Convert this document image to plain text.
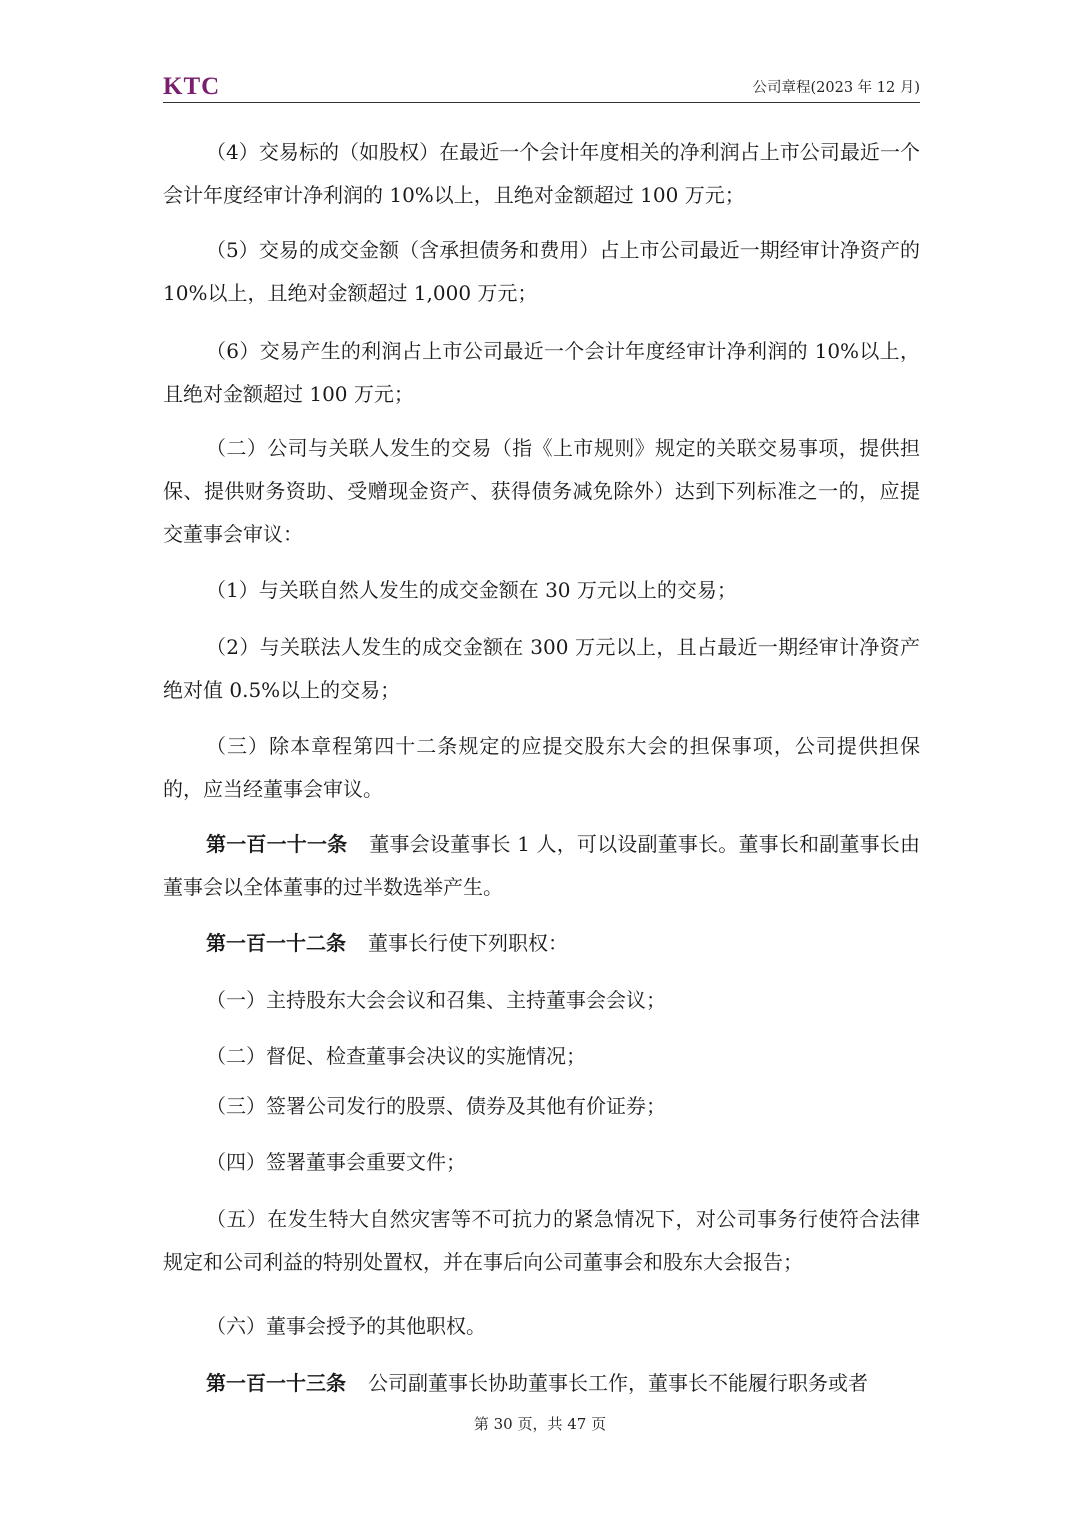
KTC	公司章程(2023 年 12 月)

（4）交易标的（如股权）在最近一个会计年度相关的净利润占上市公司最近一个会计年度经审计净利润的 10%以上，且绝对金额超过 100 万元；

（5）交易的成交金额（含承担债务和费用）占上市公司最近一期经审计净资产的 10%以上，且绝对金额超过 1,000 万元；

（6）交易产生的利润占上市公司最近一个会计年度经审计净利润的 10%以上，且绝对金额超过 100 万元；

（二）公司与关联人发生的交易（指《上市规则》规定的关联交易事项，提供担保、提供财务资助、受赠现金资产、获得债务减免除外）达到下列标准之一的，应提交董事会审议：

（1）与关联自然人发生的成交金额在 30 万元以上的交易；

（2）与关联法人发生的成交金额在 300 万元以上，且占最近一期经审计净资产绝对值 0.5%以上的交易；

（三）除本章程第四十二条规定的应提交股东大会的担保事项，公司提供担保的，应当经董事会审议。

第一百一十一条 董事会设董事长 1 人，可以设副董事长。董事长和副董事长由董事会以全体董事的过半数选举产生。

第一百一十二条 董事长行使下列职权：

（一）主持股东大会会议和召集、主持董事会会议；

（二）督促、检查董事会决议的实施情况；

（三）签署公司发行的股票、债券及其他有价证券；

（四）签署董事会重要文件；

（五）在发生特大自然灾害等不可抗力的紧急情况下，对公司事务行使符合法律规定和公司利益的特别处置权，并在事后向公司董事会和股东大会报告；

（六）董事会授予的其他职权。

第一百一十三条 公司副董事长协助董事长工作，董事长不能履行职务或者

第 30 页，共 47 页
